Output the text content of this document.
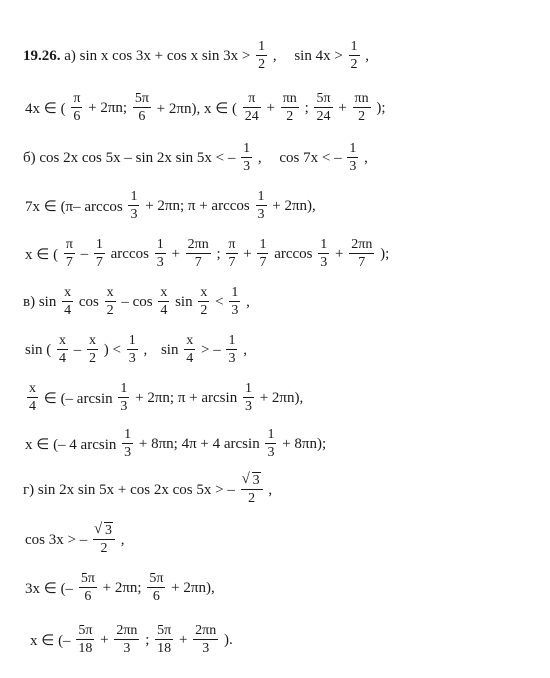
19.26. а) sin x cos 3x + cos x $\sin 3x > \frac{1}{2}$ , $\sin 4x > \frac{1}{2}$ ,
4x ∈ ( $\frac{\pi}{6} + 2\pi n$; $\frac{5\pi}{6} + 2\pi n$), x ∈ ( $\frac{\pi}{24} + \frac{\pi n}{2}$ ; $\frac{5\pi}{24} + \frac{\pi n}{2}$ );
б) cos 2x cos 5x – sin 2x sin 5x < – $\frac{1}{3}$ , cos 7x < – $\frac{1}{3}$ ,
7x ∈ (π– $\arccos \frac{1}{3} + 2\pi n$; $\pi + \arccos \frac{1}{3} + 2\pi n$),
x ∈ ( $\frac{\pi}{7} - \frac{1}{7}$ $\arccos \frac{1}{3} + \frac{2\pi n}{7}$ ; $\frac{\pi}{7} + \frac{1}{7}$ $\arccos \frac{1}{3} + \frac{2\pi n}{7}$ );
в) $\sin \frac{x}{4}$ $\cos \frac{x}{2}$ – $\cos \frac{x}{4}$ $\sin \frac{x}{2} < \frac{1}{3}$ ,
sin ( $\frac{x}{4} - \frac{x}{2}$ ) < $\frac{1}{3}$ , $\sin \frac{x}{4}$ > – $\frac{1}{3}$ ,
$\frac{x}{4}$ ∈ (– $\arcsin \frac{1}{3} + 2\pi n$; $\pi + \arcsin \frac{1}{3} + 2\pi n$),
x ∈ (– 4 $\arcsin \frac{1}{3} + 8\pi n$; 4π + 4 $\arcsin \frac{1}{3} + 8\pi n$);
г) sin 2x sin 5x + cos 2x cos 5x > – √ $\frac{3}{2}$ ,
cos 3x > – √ $\frac{3}{2}$ ,
3x ∈ (– $\frac{5\pi}{6} + 2\pi n$; $\frac{5\pi}{6} + 2\pi n$),
x ∈ (– $\frac{5\pi}{18} + \frac{2\pi n}{3}$ ; $\frac{5\pi}{18} + \frac{2\pi n}{3}$ ).
